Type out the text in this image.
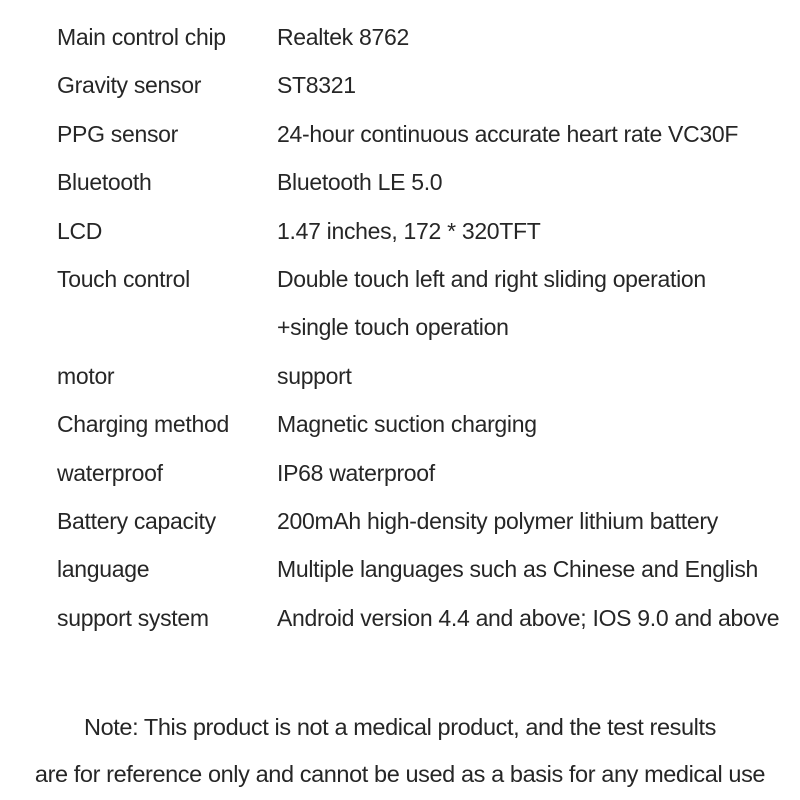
Main control chip	Realtek 8762
Gravity sensor	ST8321
PPG sensor	24-hour continuous accurate heart rate VC30F
Bluetooth	Bluetooth LE 5.0
LCD	1.47 inches, 172 * 320TFT
Touch control	Double touch left and right sliding operation
+single touch operation
motor	support
Charging method	Magnetic suction charging
waterproof	IP68 waterproof
Battery capacity	200mAh high-density polymer lithium battery
language	Multiple languages such as Chinese and English
support system	Android version 4.4 and above; IOS 9.0 and above
Note: This product is not a medical product, and the test results
are for reference only and cannot be used as a basis for any medical use
